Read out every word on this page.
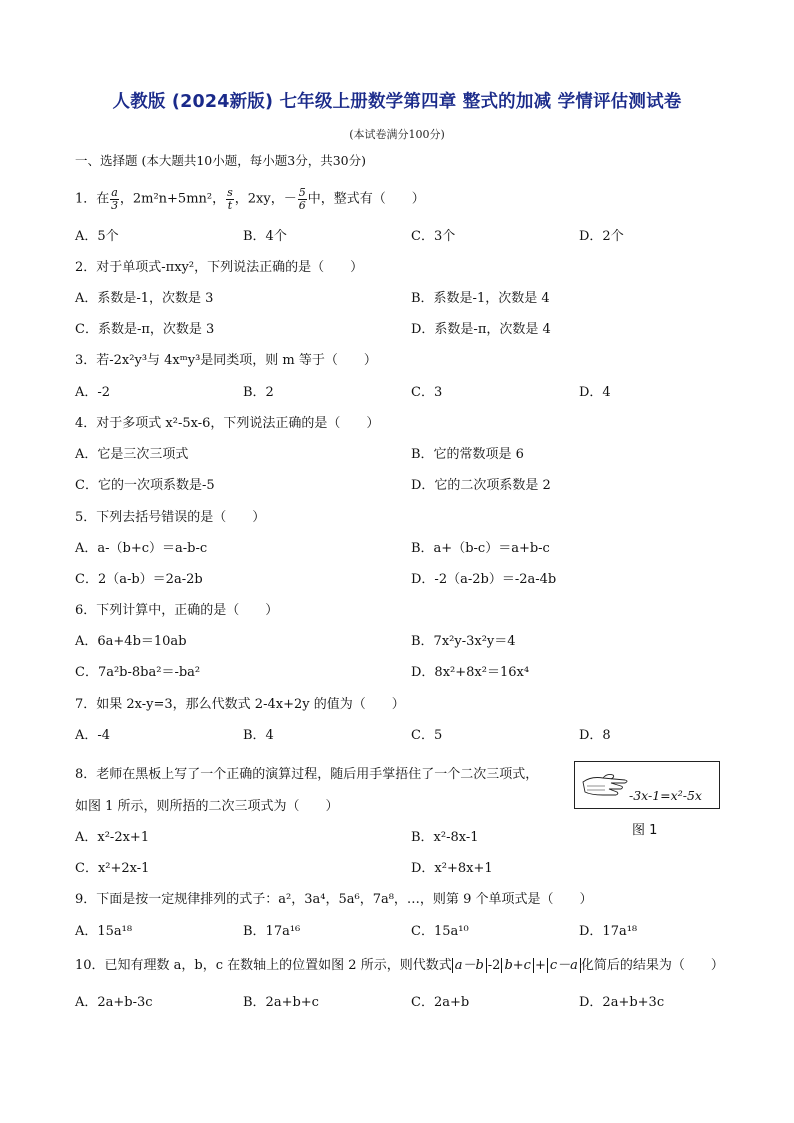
人教版 (2024新版) 七年级上册数学第四章 整式的加减 学情评估测试卷
(本试卷满分100分)
一、选择题 (本大题共10小题，每小题3分，共30分)
1．在 $\frac{a}{3}$ ，2m²n+5mn²， $\frac{s}{t}$ ，2xy，－ $\frac{5}{6}$ 中，整式有（　　）
A．5个	B．4个	C．3个	D．2个
2．对于单项式-πxy²，下列说法正确的是（　　）
A．系数是-1，次数是 3	B．系数是-1，次数是 4
C．系数是-π，次数是 3	D．系数是-π，次数是 4
3．若-2x²y³与 4xᵐy³是同类项，则 m 等于（　　）
A．-2	B．2	C．3	D．4
4．对于多项式 x²-5x-6，下列说法正确的是（　　）
A．它是三次三项式	B．它的常数项是 6
C．它的一次项系数是-5	D．它的二次项系数是 2
5．下列去括号错误的是（　　）
A．a-（b+c）＝a-b-c	B．a+（b-c）＝a+b-c
C．2（a-b）＝2a-2b	D．-2（a-2b）＝-2a-4b
6．下列计算中，正确的是（　　）
A．6a+4b＝10ab	B．7x²y-3x²y＝4
C．7a²b-8ba²＝-ba²	D．8x²+8x²＝16x⁴
7．如果 2x-y=3，那么代数式 2-4x+2y 的值为（　　）
A．-4	B．4	C．5	D．8
8．老师在黑板上写了一个正确的演算过程，随后用手掌捂住了一个二次三项式，
如图 1 所示，则所捂的二次三项式为（　　）
-3x-1=x²-5x
图 1
A．x²-2x+1	B．x²-8x-1
C．x²+2x-1	D．x²+8x+1
9．下面是按一定规律排列的式子：a²，3a⁴，5a⁶，7a⁸，…，则第 9 个单项式是（　　）
A．15a¹⁸	B．17a¹⁶	C．15a¹⁰	D．17a¹⁸
10．已知有理数 a，b，c 在数轴上的位置如图 2 所示，则代数式 a－b -2 b+c + c－a 化简后的结果为（　　）
A．2a+b-3c	B．2a+b+c	C．2a+b	D．2a+b+3c
